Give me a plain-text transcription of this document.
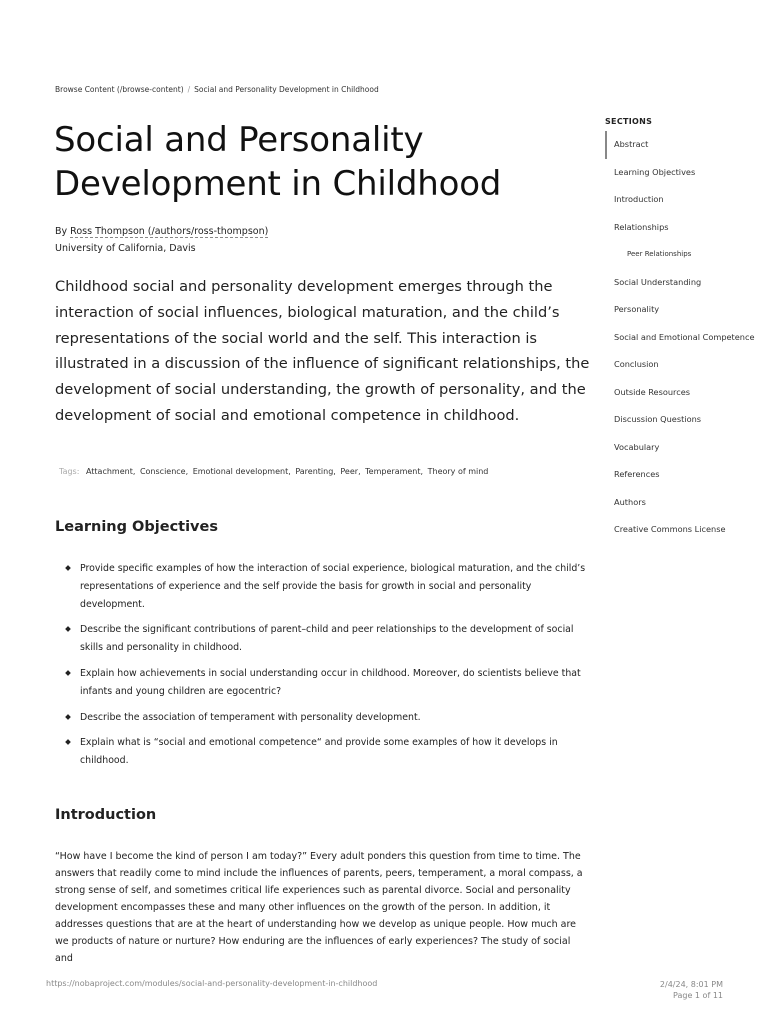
Browse Content (/browse-content) / Social and Personality Development in Childhood
Social and Personality Development in Childhood
By Ross Thompson (/authors/ross-thompson)
University of California, Davis

Childhood social and personality development emerges through the interaction of social influences, biological maturation, and the child’s representations of the social world and the self. This interaction is illustrated in a discussion of the influence of significant relationships, the development of social understanding, the growth of personality, and the development of social and emotional competence in childhood.

Tags: Attachment, Conscience, Emotional development, Parenting, Peer, Temperament, Theory of mind
Learning Objectives
Provide specific examples of how the interaction of social experience, biological maturation, and the child’s representations of experience and the self provide the basis for growth in social and personality development.
Describe the significant contributions of parent–child and peer relationships to the development of social skills and personality in childhood.
Explain how achievements in social understanding occur in childhood. Moreover, do scientists believe that infants and young children are egocentric?
Describe the association of temperament with personality development.
Explain what is “social and emotional competence“ and provide some examples of how it develops in childhood.
Introduction

“How have I become the kind of person I am today?” Every adult ponders this question from time to time. The answers that readily come to mind include the influences of parents, peers, temperament, a moral compass, a strong sense of self, and sometimes critical life experiences such as parental divorce. Social and personality development encompasses these and many other influences on the growth of the person. In addition, it addresses questions that are at the heart of understanding how we develop as unique people. How much are we products of nature or nurture? How enduring are the influences of early experiences? The study of social and

SECTIONS
Abstract
Learning Objectives
Introduction
Relationships
Peer Relationships
Social Understanding
Personality
Social and Emotional Competence
Conclusion
Outside Resources
Discussion Questions
Vocabulary
References
Authors
Creative Commons License
https://nobaproject.com/modules/social-and-personality-development-in-childhood	2/4/24, 8:01 PM
Page 1 of 11
